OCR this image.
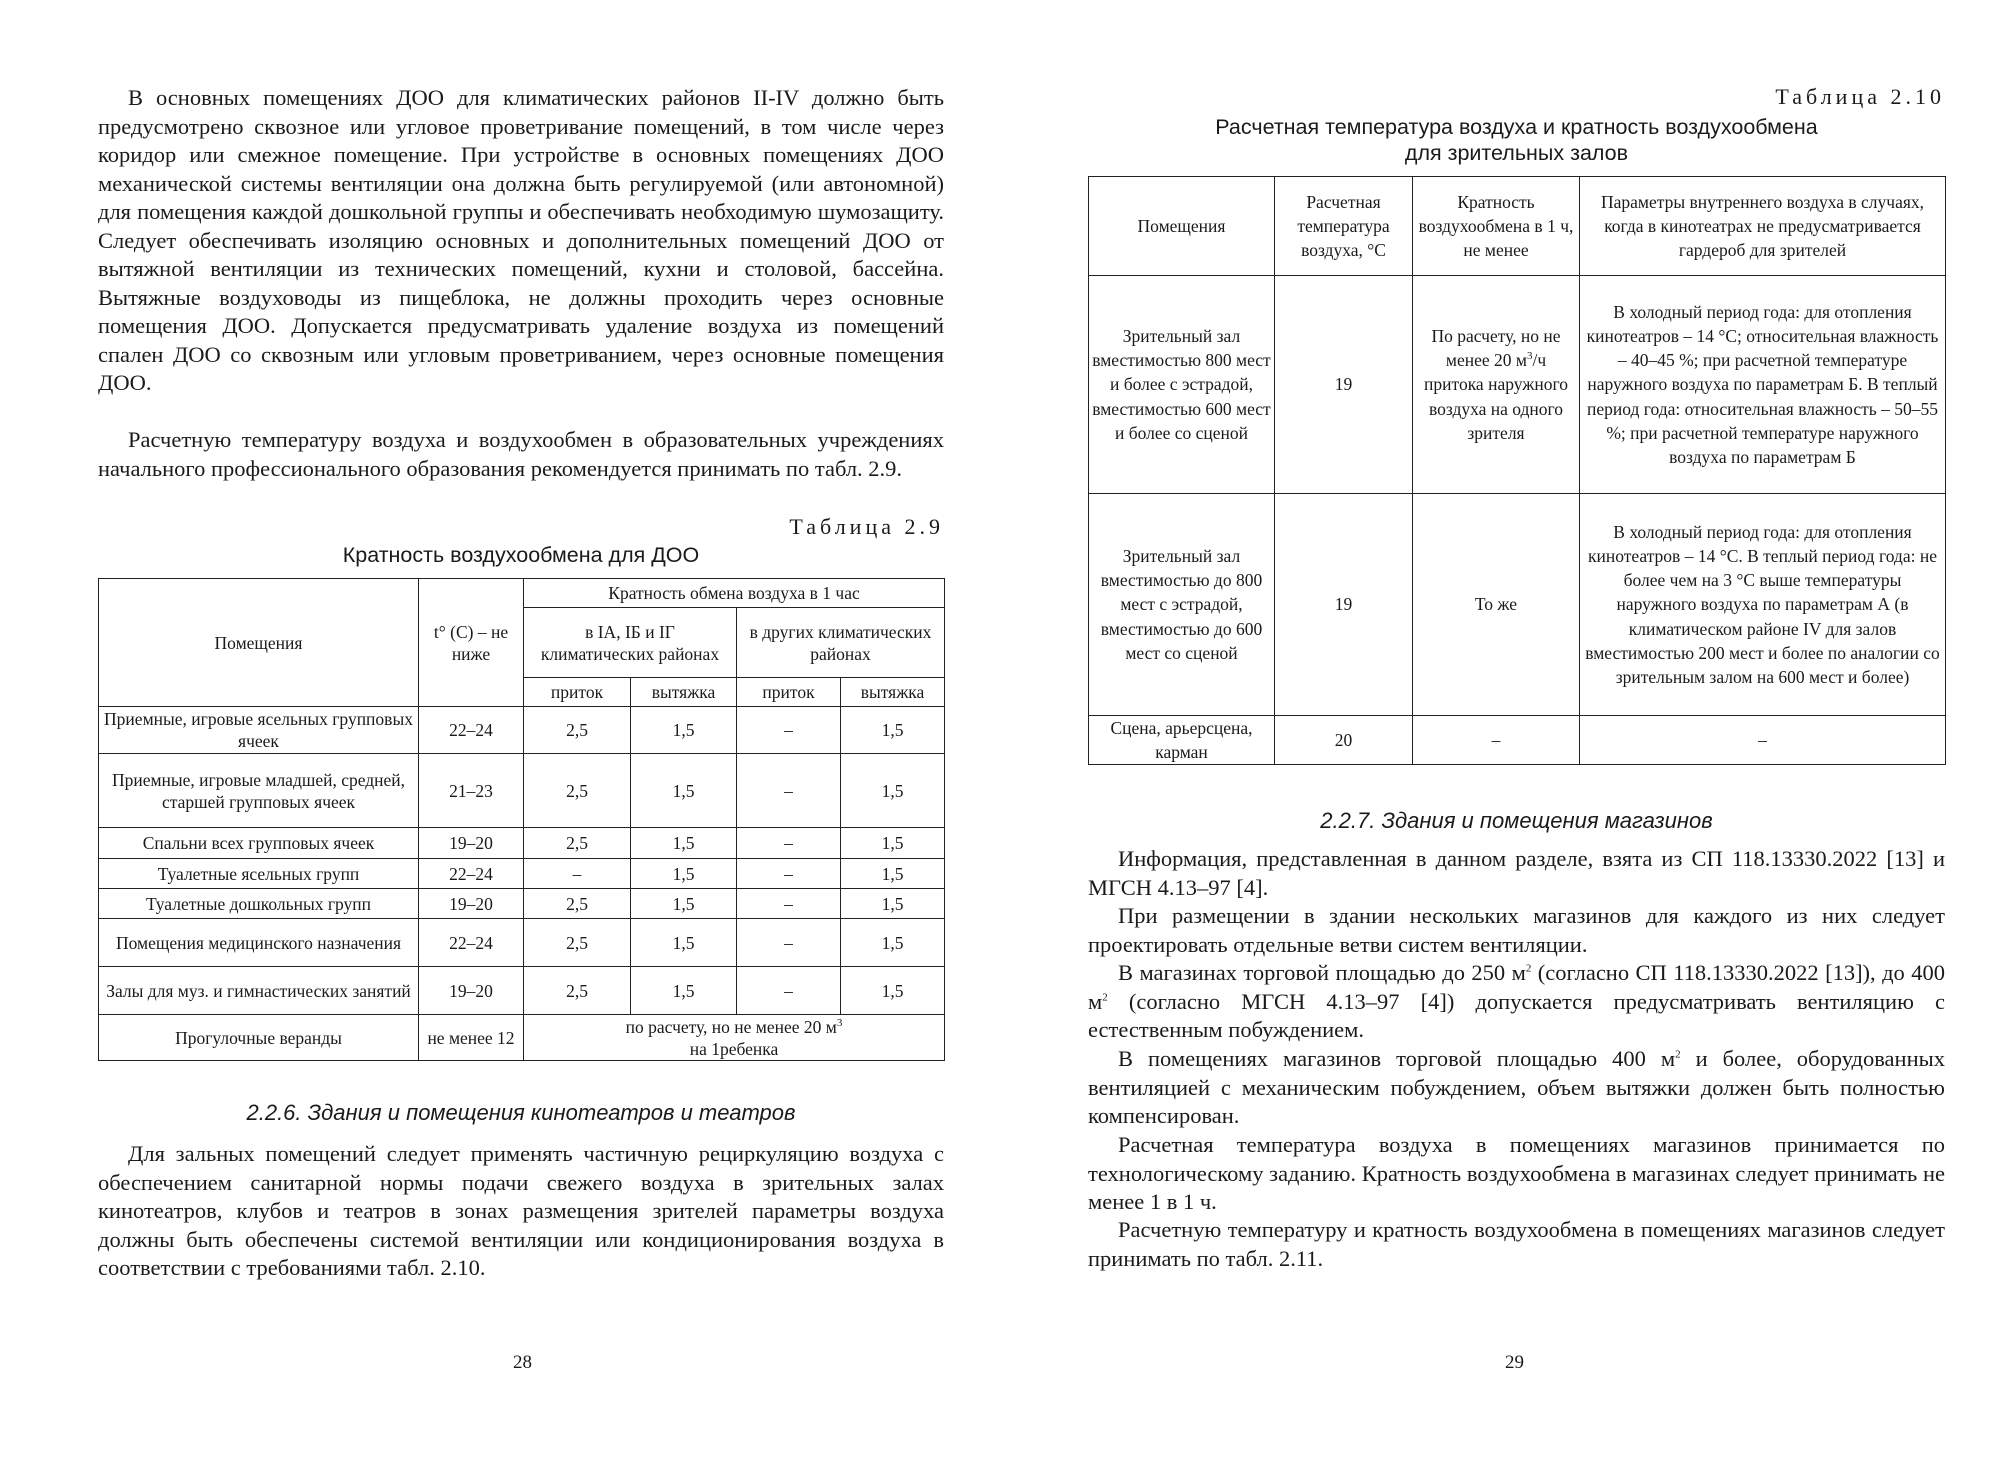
В основных помещениях ДОО для климатических районов II-IV должно быть предусмотрено сквозное или угловое проветривание помещений, в том числе через коридор или смежное помещение. При устройстве в основных помещениях ДОО механической системы вентиляции она должна быть регулируемой (или автономной) для помещения каждой дошкольной группы и обеспечивать необходимую шумозащиту. Следует обеспечивать изоляцию основных и дополнительных помещений ДОО от вытяжной вентиляции из технических помещений, кухни и столовой, бассейна. Вытяжные воздуховоды из пищеблока, не должны проходить через основные помещения ДОО. Допускается предусматривать удаление воздуха из помещений спален ДОО со сквозным или угловым проветриванием, через основные помещения ДОО.

Расчетную температуру воздуха и воздухообмен в образовательных учреждениях начального профессионального образования рекомендуется принимать по табл. 2.9.

Таблица 2.9
Кратность воздухообмена для ДОО
Помещения	t° (C) – не ниже	Кратность обмена воздуха в 1 час			
		в IA, IБ и IГ климатических районах		в других климатических районах	
		приток	вытяжка	приток	вытяжка
Приемные, игровые ясельных групповых ячеек	22–24	2,5	1,5	–	1,5
Приемные, игровые младшей, средней, старшей групповых ячеек	21–23	2,5	1,5	–	1,5
Спальни всех групповых ячеек	19–20	2,5	1,5	–	1,5
Туалетные ясельных групп	22–24	–	1,5	–	1,5
Туалетные дошкольных групп	19–20	2,5	1,5	–	1,5
Помещения медицинского назначения	22–24	2,5	1,5	–	1,5
Залы для муз. и гимнастических занятий	19–20	2,5	1,5	–	1,5
Прогулочные веранды	не менее 12	по расчету, но не менее 20 $м^3$
на 1ребенка			
2.2.6. Здания и помещения кинотеатров и театров

Для зальных помещений следует применять частичную рециркуляцию воздуха с обеспечением санитарной нормы подачи свежего воздуха в зрительных залах кинотеатров, клубов и театров в зонах размещения зрителей параметры воздуха должны быть обеспечены системой вентиляции или кондиционирования воздуха в соответствии с требованиями табл. 2.10.

28
Таблица 2.10
Расчетная температура воздуха и кратность воздухообмена
для зрительных залов
Помещения	Расчетная температура воздуха, °С	Кратность воздухообмена в 1 ч, не менее	Параметры внутреннего воздуха в случаях, когда в кинотеатрах не предусматривается гардероб для зрителей
Зрительный зал вместимостью 800 мест и более с эстрадой, вместимостью 600 мест и более со сценой	19	По расчету, но не менее 20 $м^3/ч$ притока наружного воздуха на одного зрителя	В холодный период года: для отопления кинотеатров – 14 °С; относительная влажность – 40–45 %; при расчетной температуре наружного воздуха по параметрам Б. В теплый период года: относительная влажность – 50–55 %; при расчетной температуре наружного воздуха по параметрам Б
Зрительный зал вместимостью до 800 мест с эстрадой, вместимостью до 600 мест со сценой	19	То же	В холодный период года: для отопления кинотеатров – 14 °С. В теплый период года: не более чем на 3 °С выше температуры наружного воздуха по параметрам А (в климатическом районе IV для залов вместимостью 200 мест и более по аналогии со зрительным залом на 600 мест и более)
Сцена, арьерсцена, карман	20	–	–
2.2.7. Здания и помещения магазинов

Информация, представленная в данном разделе, взята из СП 118.13330.2022 [13] и МГСН 4.13–97 [4].

При размещении в здании нескольких магазинов для каждого из них следует проектировать отдельные ветви систем вентиляции.

В магазинах торговой площадью до 250 $м^2$ (согласно СП 118.13330.2022 [13]), до 400 $м^2$ (согласно МГСН 4.13–97 [4]) допускается предусматривать вентиляцию с естественным побуждением.

В помещениях магазинов торговой площадью 400 $м^2$ и более, оборудованных вентиляцией с механическим побуждением, объем вытяжки должен быть полностью компенсирован.

Расчетная температура воздуха в помещениях магазинов принимается по технологическому заданию. Кратность воздухообмена в магазинах следует принимать не менее 1 в 1 ч.

Расчетную температуру и кратность воздухообмена в помещениях магазинов следует принимать по табл. 2.11.

29
